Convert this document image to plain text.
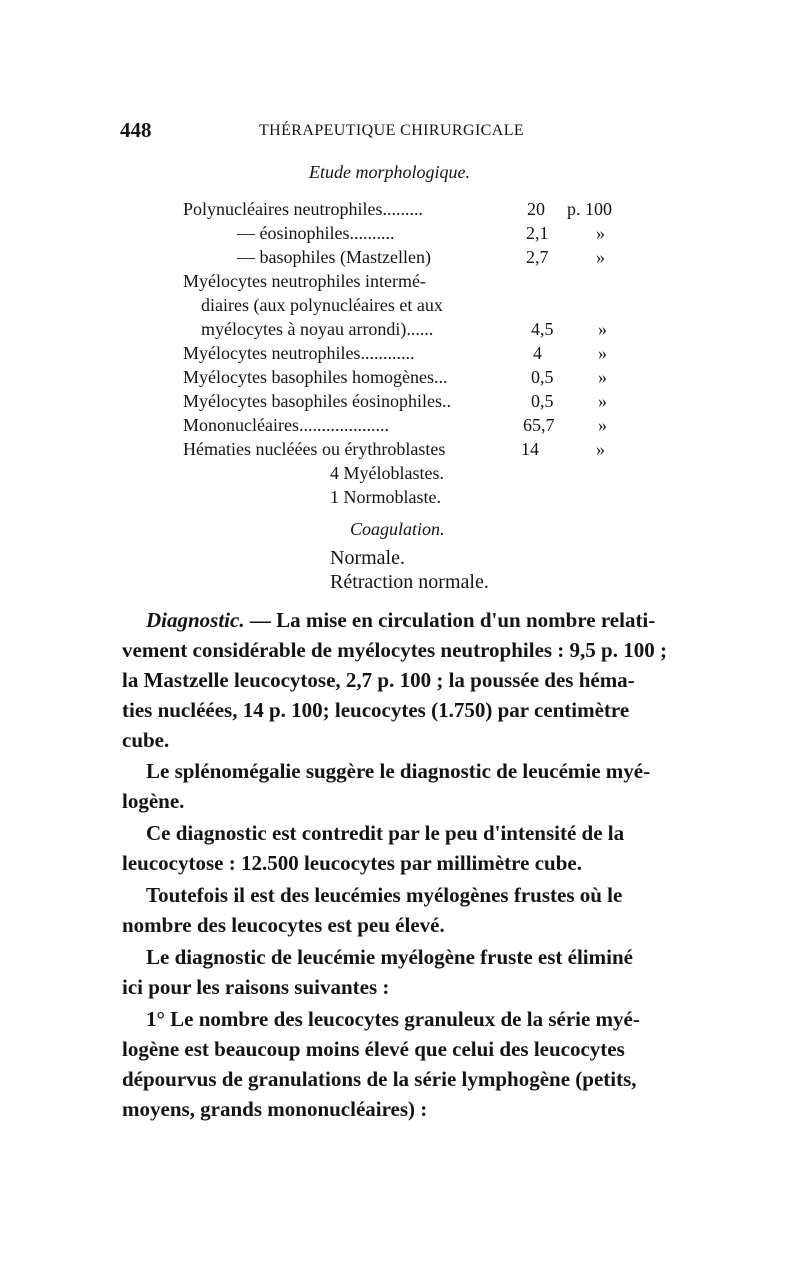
448	THÉRAPEUTIQUE CHIRURGICALE
Etude morphologique.
Polynucléaires neutrophiles.........	20 p. 100
— éosinophiles..........	2,1	»
— basophiles (Mastzellen)	2,7	»
Myélocytes neutrophiles intermé-
diaires (aux polynucléaires et aux
myélocytes à noyau arrondi)......	4,5 »
Myélocytes neutrophiles............	4	»
Myélocytes basophiles homogènes...	0,5 »
Myélocytes basophiles éosinophiles..	0,5 »
Mononucléaires....................	65,7 »
Hématies nucléées ou érythroblastes	14	»
4 Myéloblastes.
1 Normoblaste.
Coagulation.
Normale.
Rétraction normale.
Diagnostic. — La mise en circulation d'un nombre relati-
vement considérable de myélocytes neutrophiles : 9,5 p. 100 ;
la Mastzelle leucocytose, 2,7 p. 100 ; la poussée des héma-
ties nucléées, 14 p. 100; leucocytes (1.750) par centimètre
cube.
Le splénomégalie suggère le diagnostic de leucémie myé-
logène.
Ce diagnostic est contredit par le peu d'intensité de la
leucocytose : 12.500 leucocytes par millimètre cube.
Toutefois il est des leucémies myélogènes frustes où le
nombre des leucocytes est peu élevé.
Le diagnostic de leucémie myélogène fruste est éliminé
ici pour les raisons suivantes :
1° Le nombre des leucocytes granuleux de la série myé-
logène est beaucoup moins élevé que celui des leucocytes
dépourvus de granulations de la série lymphogène (petits,
moyens, grands mononucléaires) :
